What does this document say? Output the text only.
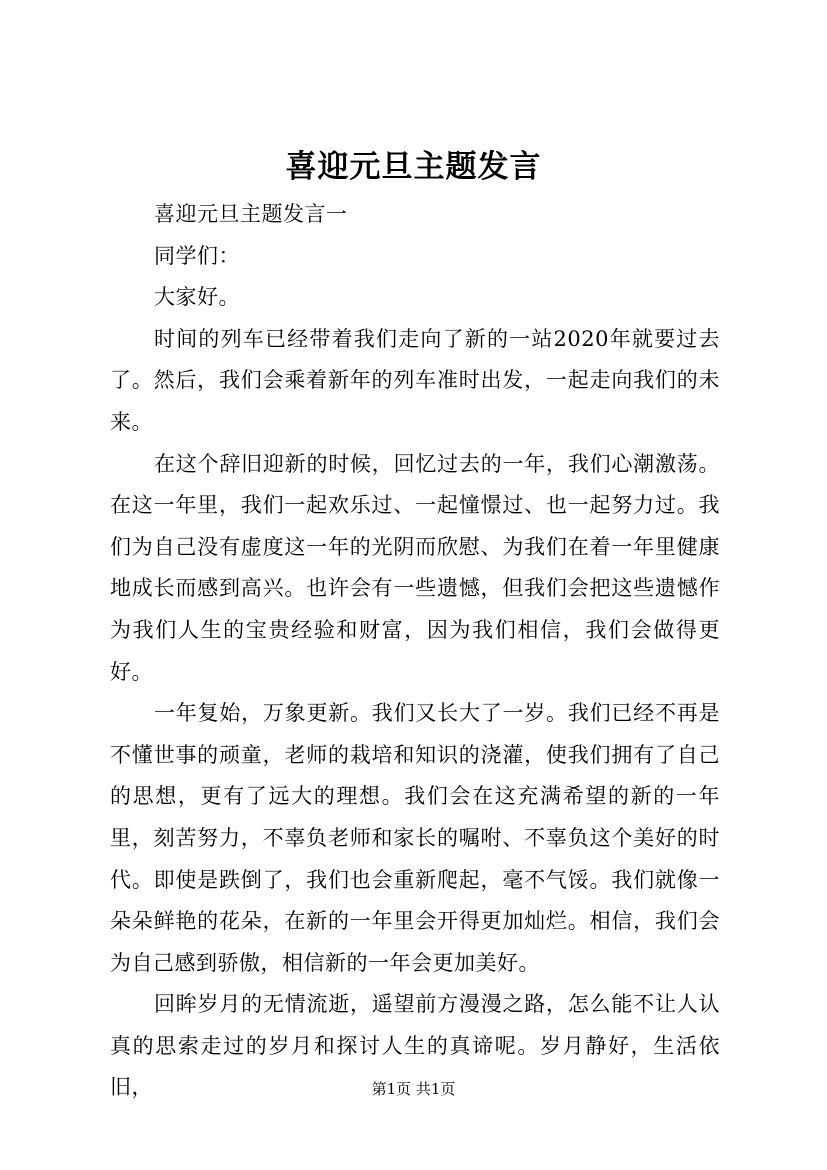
喜迎元旦主题发言

喜迎元旦主题发言一

同学们：

大家好。

时间的列车已经带着我们走向了新的一站2020年就要过去了。然后，我们会乘着新年的列车准时出发，一起走向我们的未来。

在这个辞旧迎新的时候，回忆过去的一年，我们心潮激荡。在这一年里，我们一起欢乐过、一起憧憬过、也一起努力过。我们为自己没有虚度这一年的光阴而欣慰、为我们在着一年里健康地成长而感到高兴。也许会有一些遗憾，但我们会把这些遗憾作为我们人生的宝贵经验和财富，因为我们相信，我们会做得更好。

一年复始，万象更新。我们又长大了一岁。我们已经不再是不懂世事的顽童，老师的栽培和知识的浇灌，使我们拥有了自己的思想，更有了远大的理想。我们会在这充满希望的新的一年里，刻苦努力，不辜负老师和家长的嘱咐、不辜负这个美好的时代。即使是跌倒了，我们也会重新爬起，毫不气馁。我们就像一朵朵鲜艳的花朵，在新的一年里会开得更加灿烂。相信，我们会为自己感到骄傲，相信新的一年会更加美好。

回眸岁月的无情流逝，遥望前方漫漫之路，怎么能不让人认真的思索走过的岁月和探讨人生的真谛呢。岁月静好，生活依旧，	第1页 共1页
